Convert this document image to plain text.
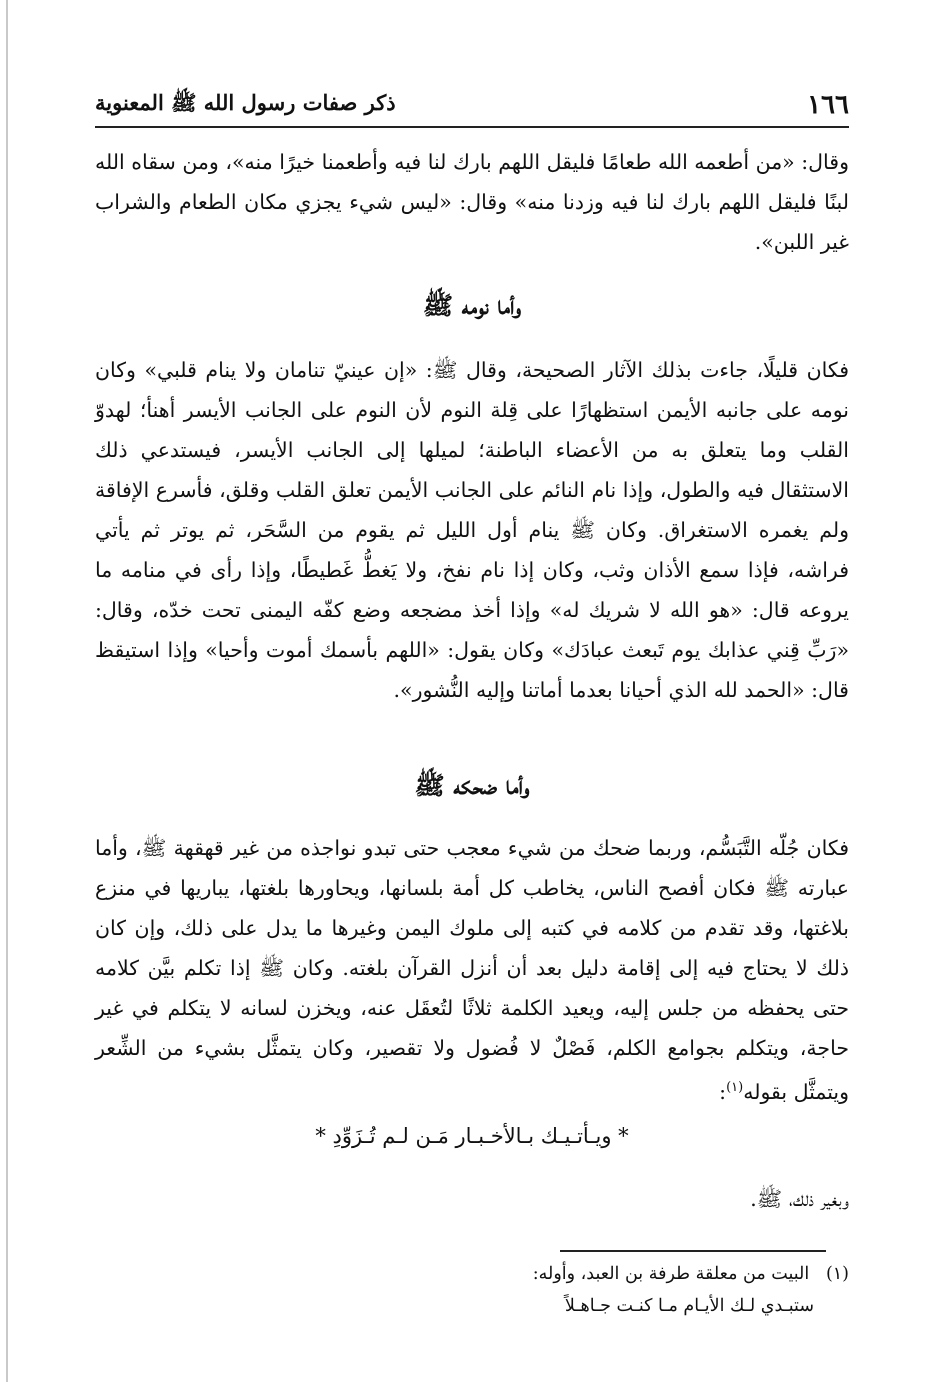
١٦٦
ذكر صفات رسول الله ﷺ المعنوية

وقال: «من أطعمه الله طعامًا فليقل اللهم بارك لنا فيه وأطعمنا خيرًا منه»، ومن سقاه الله لبنًا فليقل اللهم بارك لنا فيه وزدنا منه» وقال: «ليس شيء يجزي مكان الطعام والشراب غير اللبن».

وأما نومه ﷺ

فكان قليلًا، جاءت بذلك الآثار الصحيحة، وقال ﷺ: «إن عينيّ تنامان ولا ينام قلبي» وكان نومه على جانبه الأيمن استظهارًا على قِلة النوم لأن النوم على الجانب الأيسر أهنأ؛ لهدوّ القلب وما يتعلق به من الأعضاء الباطنة؛ لميلها إلى الجانب الأيسر، فيستدعي ذلك الاستثقال فيه والطول، وإذا نام النائم على الجانب الأيمن تعلق القلب وقلق، فأسرع الإفاقة ولم يغمره الاستغراق. وكان ﷺ ينام أول الليل ثم يقوم من السَّحَر، ثم يوتر ثم يأتي فراشه، فإذا سمع الأذان وثب، وكان إذا نام نفخ، ولا يَغطُّ غَطيطًا، وإذا رأى في منامه ما يروعه قال: «هو الله لا شريك له» وإذا أخذ مضجعه وضع كفّه اليمنى تحت خدّه، وقال: «رَبِّ قِني عذابك يوم تَبعث عبادَك» وكان يقول: «اللهم بأسمك أموت وأحيا» وإذا استيقظ قال: «الحمد لله الذي أحيانا بعدما أماتنا وإليه النُّشور».

وأما ضحكه ﷺ

فكان جُلّه التَّبَسُّم، وربما ضحك من شيء معجب حتى تبدو نواجذه من غير قهقهة ﷺ، وأما عبارته ﷺ فكان أفصح الناس، يخاطب كل أمة بلسانها، ويحاورها بلغتها، يباريها في منزع بلاغتها، وقد تقدم من كلامه في كتبه إلى ملوك اليمن وغيرها ما يدل على ذلك، وإن كان ذلك لا يحتاج فيه إلى إقامة دليل بعد أن أنزل القرآن بلغته. وكان ﷺ إذا تكلم بيَّن كلامه حتى يحفظه من جلس إليه، ويعيد الكلمة ثلاثًا لتُعقَل عنه، ويخزن لسانه لا يتكلم في غير حاجة، ويتكلم بجوامع الكلم، فَصْلٌ لا فُضول ولا تقصير، وكان يتمثَّل بشيء من الشِّعر ويتمثَّل بقوله$^{(١)}$:

* ويـأتـيـك بـالأخـبـار مَـن لـم تُـزَوِّدِ *
وبغير ذلك، ﷺ.
(١)   البيت من معلقة طرفة بن العبد، وأوله:
ستبـدي لـك الأيـام مـا كنـت جـاهـلاً
